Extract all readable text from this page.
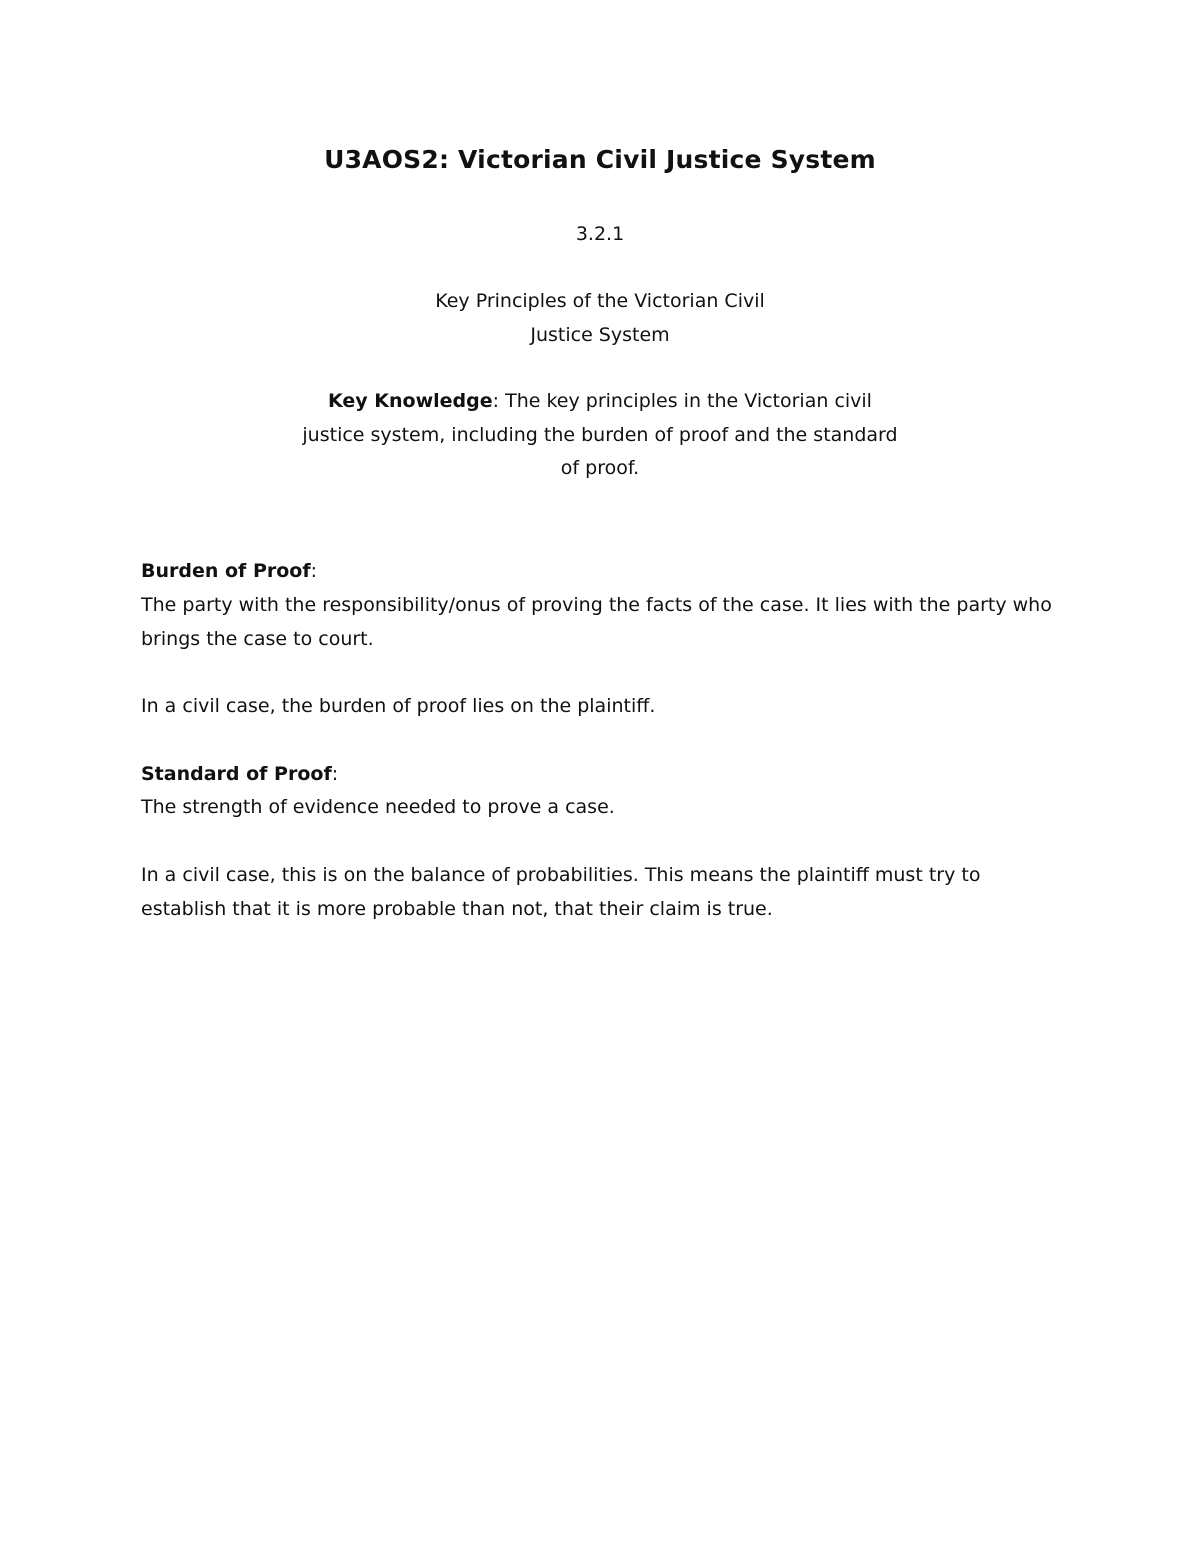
U3AOS2: Victorian Civil Justice System

3.2.1

Key Principles of the Victorian Civil
Justice System
Key Knowledge: The key principles in the Victorian civil
justice system, including the burden of proof and the standard
of proof.

Burden of Proof:

The party with the responsibility/onus of proving the facts of the case. It lies with the party who brings the case to court.

In a civil case, the burden of proof lies on the plaintiff.

Standard of Proof:

The strength of evidence needed to prove a case.

In a civil case, this is on the balance of probabilities. This means the plaintiff must try to establish that it is more probable than not, that their claim is true.
